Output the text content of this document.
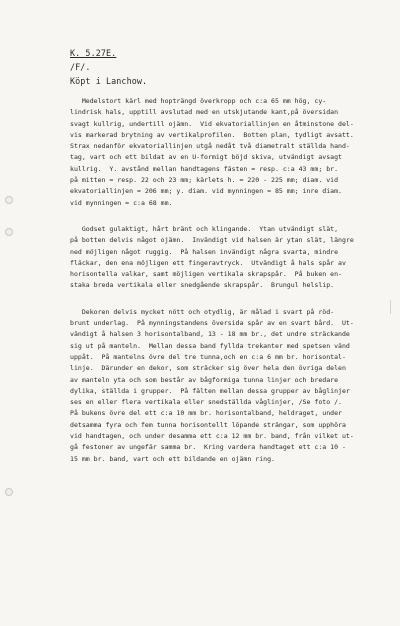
K. 5.27E.
/F/.
Köpt i Lanchow.
Medelstort kärl med hopträngd överkropp och c:a 65 mm hög, cy-
lindrisk hals, upptill avslutad med en utskjutande kant,på översidan
svagt kullrig, undertill ojämn.  Vid ekvatoriallinjen en åtminstone del-
vis markerad brytning av vertikalprofilen.  Botten plan, tydligt avsatt.
Strax nedanför ekvatoriallinjen utgå nedåt två diametralt ställda hand-
tag, vart och ett bildat av en U-formigt böjd skiva, utvändigt avsagt
kullrig.  Y. avstånd mellan handtagens fästen = resp. c:a 43 mm; br.
på mitten = resp. 22 och 23 mm; kärlets h. = 220 - 225 mm; diam. vid
ekvatoriallinjen = 206 mm; y. diam. vid mynningen = 85 mm; inre diam.
vid mynningen = c:a 68 mm.
Godset gulaktigt, hårt bränt och klingande.  Ytan utvändigt slät,
på botten delvis något ojämn.  Invändigt vid halsen är ytan slät, längre
ned möjligen något ruggig.  På halsen invändigt några svarta, mindre
fläckar, den ena möjligen ett fingeravtryck.  Utvändigt å hals spår av
horisontella valkar, samt möjligen vertikala skrapspår.  På buken en-
staka breda vertikala eller snedgående skrapspår.  Brungul helslip.
Dekoren delvis mycket nött och otydlig, är målad i svart på röd-
brunt underlag.  På mynningstandens översida spår av en svart bård.  Ut-
vändigt å halsen 3 horisontalband, 13 - 18 mm br., det undre sträckande
sig ut på manteln.  Mellan dessa band fyllda trekanter med spetsen vänd
uppåt.  På mantelns övre del tre tunna,och en c:a 6 mm br. horisontal-
linje.  Därunder en dekor, som sträcker sig över hela den övriga delen
av manteln yta och som består av bågformiga tunna linjer och bredare
dylika, ställda i grupper.  På fälten mellan dessa grupper av båglinjer
ses en eller flera vertikala eller snedställda våglinjer, /Se foto /.
På bukens övre del ett c:a 10 mm br. horisontalband, heldraget, under
detsamma fyra och fem tunna horisontellt löpande strängar, som upphöra
vid handtagen, och under desamma ett c:a 12 mm br. band, från vilket ut-
gå festoner av ungefär samma br.  Kring vardera handtaget ett c:a 10 -
15 mm br. band, vart och ett bildande en ojämn ring.
